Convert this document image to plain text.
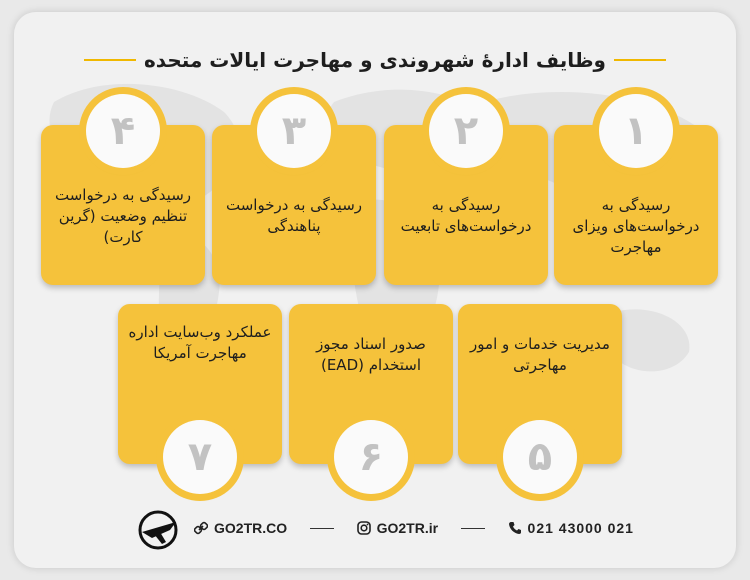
وظایف ادارهٔ شهروندی و مهاجرت ایالات متحده
رسیدگی به درخواست‌های ویزای مهاجرت
۱
رسیدگی به درخواست‌های تابعیت
۲
رسیدگی به درخواست پناهندگی
۳
رسیدگی به درخواست تنظیم وضعیت (گرین کارت)
۴
مدیریت خدمات و امور مهاجرتی
۵
صدور اسناد مجوز استخدام (EAD)
۶
عملکرد وب‌سایت اداره مهاجرت آمریکا
۷
GO2TR.CO	GO2TR.ir	021 43000 021
